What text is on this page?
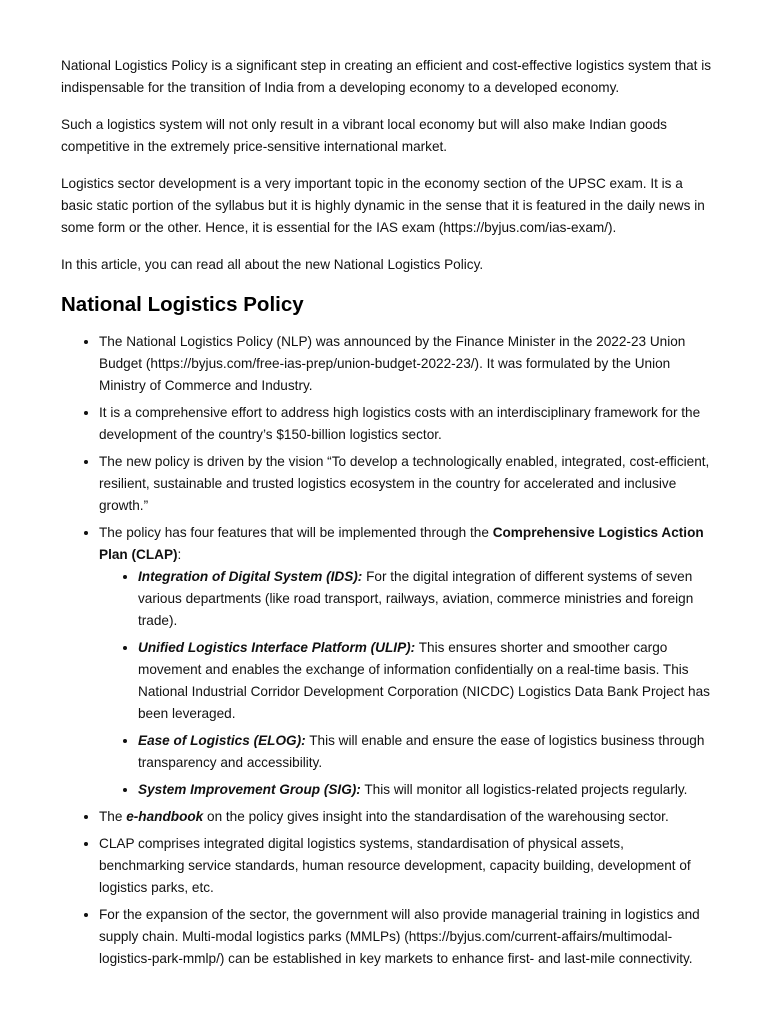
National Logistics Policy is a significant step in creating an efficient and cost-effective logistics system that is indispensable for the transition of India from a developing economy to a developed economy.

Such a logistics system will not only result in a vibrant local economy but will also make Indian goods competitive in the extremely price-sensitive international market.

Logistics sector development is a very important topic in the economy section of the UPSC exam. It is a basic static portion of the syllabus but it is highly dynamic in the sense that it is featured in the daily news in some form or the other. Hence, it is essential for the IAS exam (https://byjus.com/ias-exam/).

In this article, you can read all about the new National Logistics Policy.

National Logistics Policy
• The National Logistics Policy (NLP) was announced by the Finance Minister in the 2022-23 Union Budget (https://byjus.com/free-ias-prep/union-budget-2022-23/). It was formulated by the Union Ministry of Commerce and Industry.
• It is a comprehensive effort to address high logistics costs with an interdisciplinary framework for the development of the country’s $150-billion logistics sector.
• The new policy is driven by the vision “To develop a technologically enabled, integrated, cost-efficient, resilient, sustainable and trusted logistics ecosystem in the country for accelerated and inclusive growth.”
• The policy has four features that will be implemented through the Comprehensive Logistics Action Plan (CLAP):
• Integration of Digital System (IDS): For the digital integration of different systems of seven various departments (like road transport, railways, aviation, commerce ministries and foreign trade).
• Unified Logistics Interface Platform (ULIP): This ensures shorter and smoother cargo movement and enables the exchange of information confidentially on a real-time basis. This National Industrial Corridor Development Corporation (NICDC) Logistics Data Bank Project has been leveraged.
• Ease of Logistics (ELOG): This will enable and ensure the ease of logistics business through transparency and accessibility.
• System Improvement Group (SIG): This will monitor all logistics-related projects regularly.
• The e-handbook on the policy gives insight into the standardisation of the warehousing sector.
• CLAP comprises integrated digital logistics systems, standardisation of physical assets, benchmarking service standards, human resource development, capacity building, development of logistics parks, etc.
• For the expansion of the sector, the government will also provide managerial training in logistics and supply chain. Multi-modal logistics parks (MMLPs) (https://byjus.com/current-affairs/multimodal-logistics-park-mmlp/) can be established in key markets to enhance first- and last-mile connectivity.
